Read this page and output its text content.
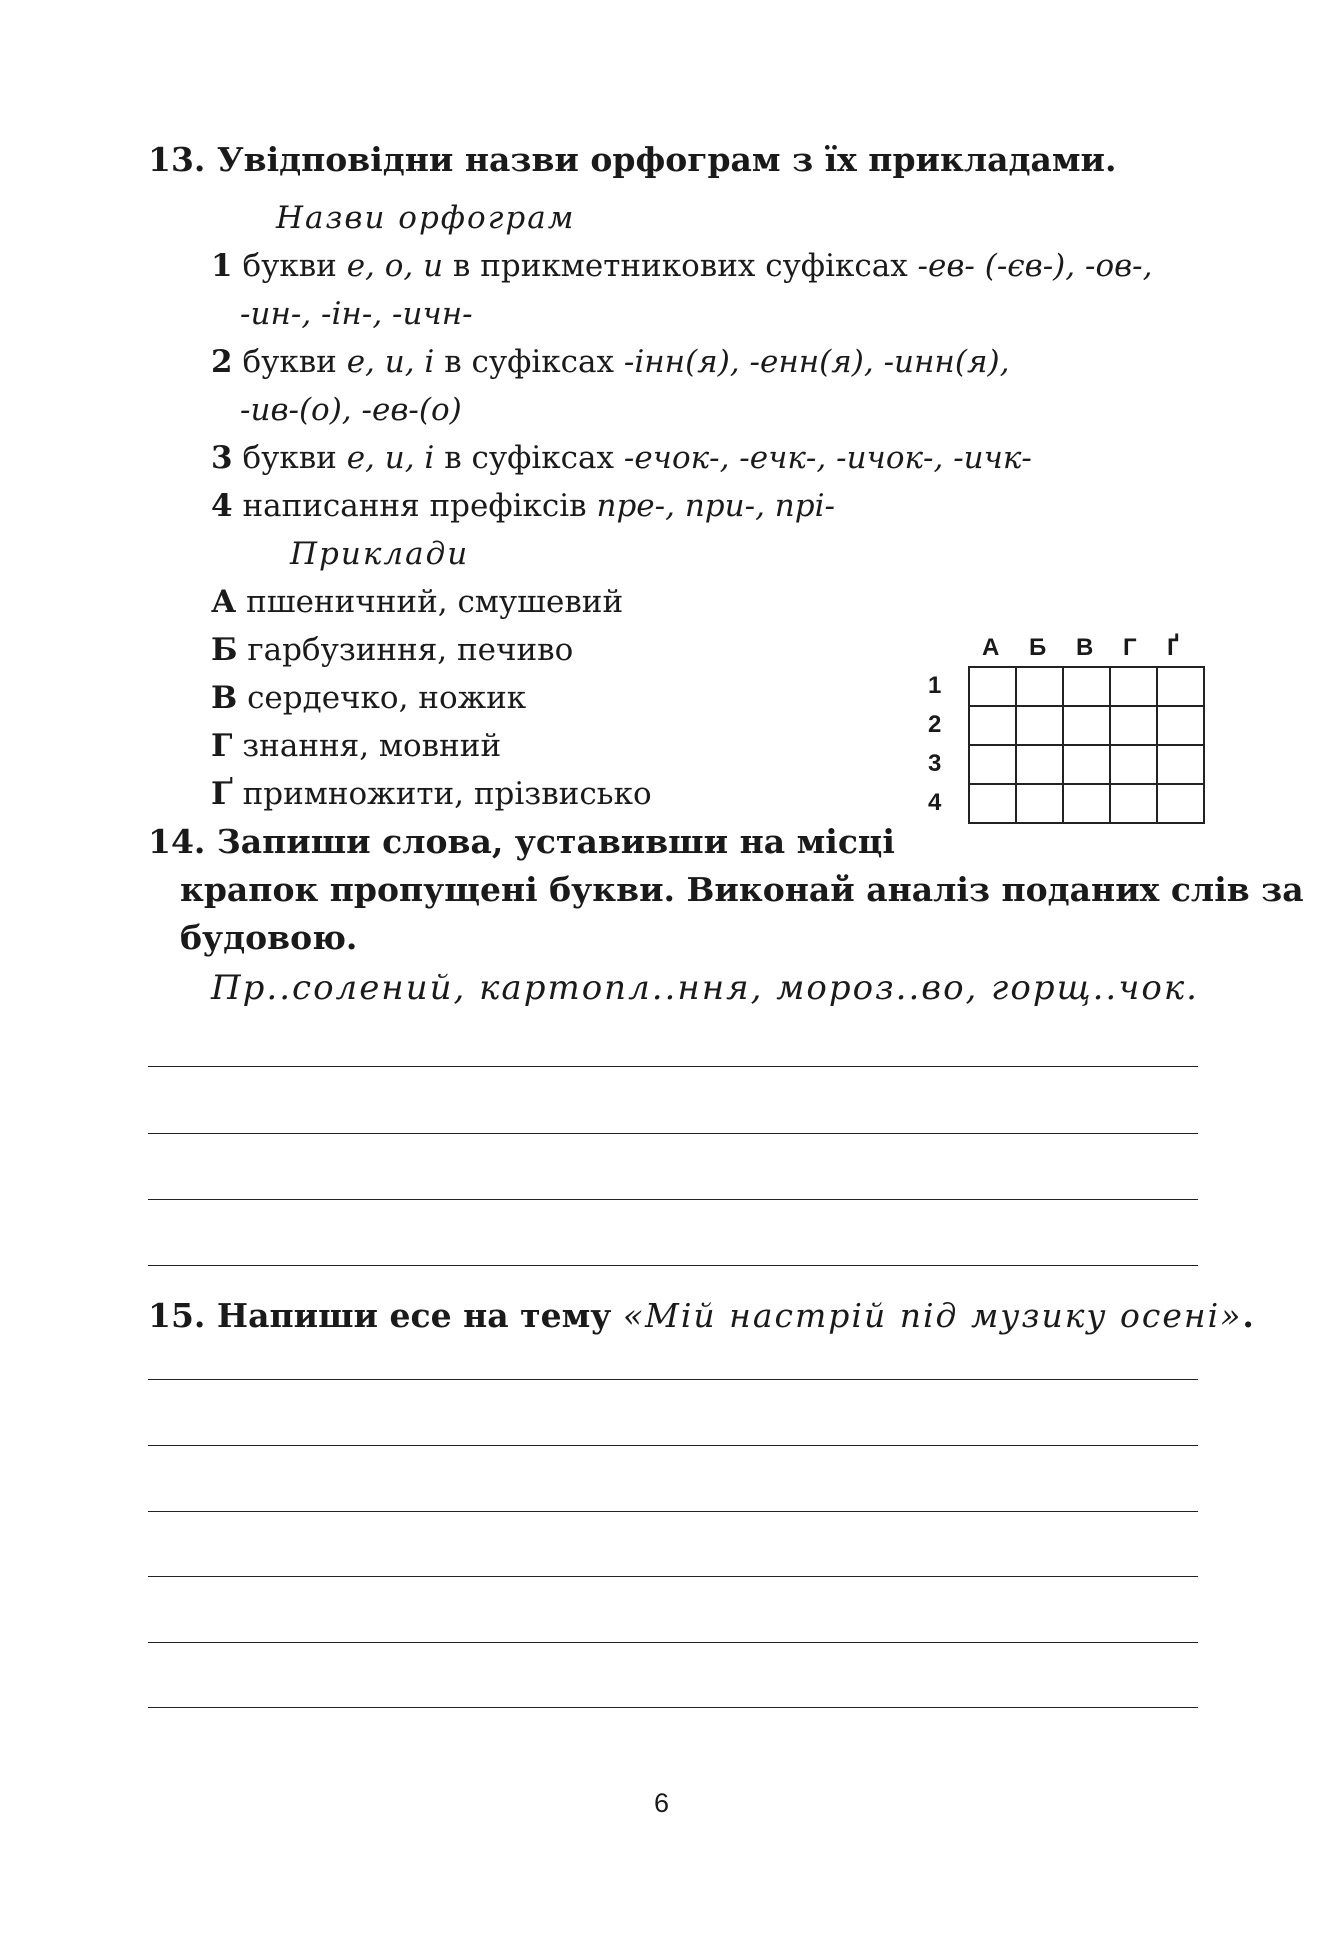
13. Увідповідни назви орфограм з їх прикладами.
Назви орфограм
1 букви е, о, и в прикметникових суфіксах -ев- (-єв-), -ов-,
-ин-, -ін-, -ичн-
2 букви е, и, і в суфіксах -інн(я), -енн(я), -инн(я),
-ив-(о), -ев-(о)
3 букви е, и, і в суфіксах -ечок-, -ечк-, -ичок-, -ичк-
4 написання префіксів пре-, при-, прі-
Приклади
А пшеничний, смушевий
Б гарбузиння, печиво
В сердечко, ножик
Г знання, мовний
Ґ примножити, прізвисько
А Б В Г Ґ
1
2
3
4

14. Запиши слова, уставивши на місці
крапок пропущені букви. Виконай аналіз поданих слів за
будовою.
Пр..солений, картопл..ння, мороз..во, горщ..чок.
15. Напиши есе на тему «Мій настрій під музику осені».
6
